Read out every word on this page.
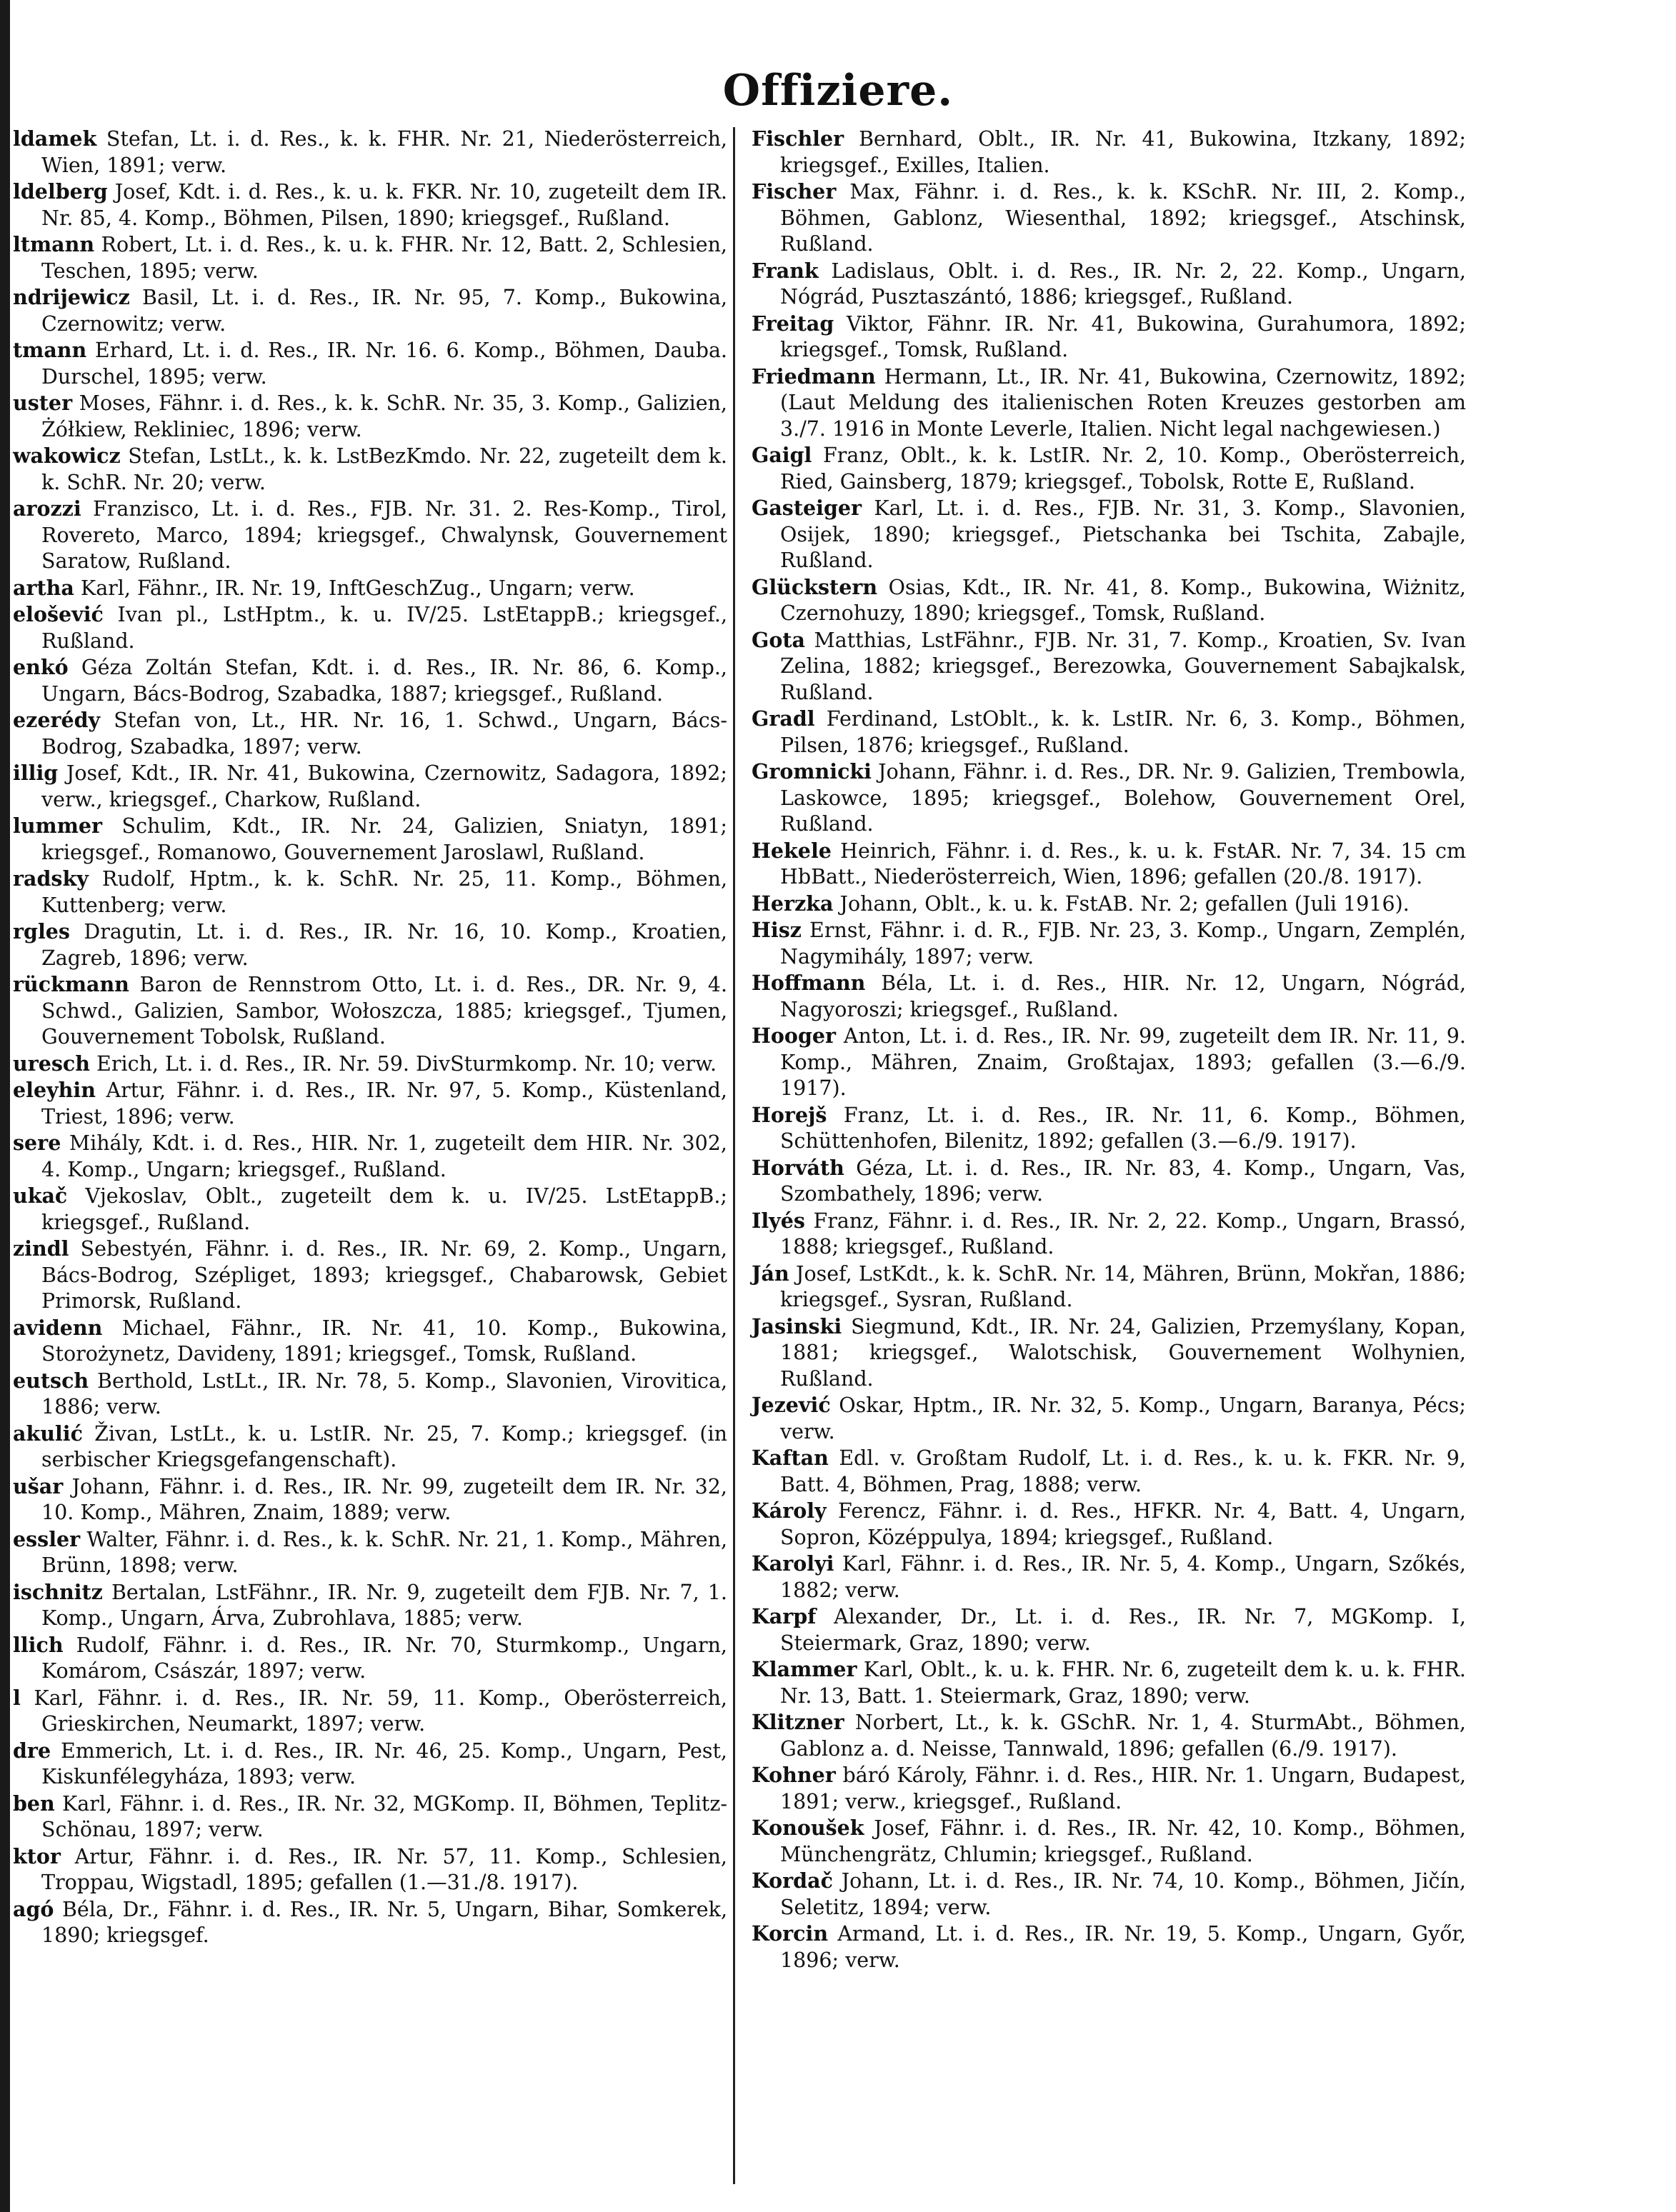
Offiziere.

ldamek Stefan, Lt. i. d. Res., k. k. FHR. Nr. 21, Niederösterreich, Wien, 1891; verw.

ldelberg Josef, Kdt. i. d. Res., k. u. k. FKR. Nr. 10, zugeteilt dem IR. Nr. 85, 4. Komp., Böhmen, Pilsen, 1890; kriegsgef., Rußland.

ltmann Robert, Lt. i. d. Res., k. u. k. FHR. Nr. 12, Batt. 2, Schlesien, Teschen, 1895; verw.

ndrijewicz Basil, Lt. i. d. Res., IR. Nr. 95, 7. Komp., Bukowina, Czernowitz; verw.

tmann Erhard, Lt. i. d. Res., IR. Nr. 16. 6. Komp., Böhmen, Dauba. Durschel, 1895; verw.

uster Moses, Fähnr. i. d. Res., k. k. SchR. Nr. 35, 3. Komp., Galizien, Żółkiew, Rekliniec, 1896; verw.

wakowicz Stefan, LstLt., k. k. LstBezKmdo. Nr. 22, zugeteilt dem k. k. SchR. Nr. 20; verw.

arozzi Franzisco, Lt. i. d. Res., FJB. Nr. 31. 2. Res-Komp., Tirol, Rovereto, Marco, 1894; kriegsgef., Chwalynsk, Gouvernement Saratow, Rußland.

artha Karl, Fähnr., IR. Nr. 19, InftGeschZug., Ungarn; verw.

elošević Ivan pl., LstHptm., k. u. IV/25. LstEtappB.; kriegsgef., Rußland.

enkó Géza Zoltán Stefan, Kdt. i. d. Res., IR. Nr. 86, 6. Komp., Ungarn, Bács-Bodrog, Szabadka, 1887; kriegsgef., Rußland.

ezerédy Stefan von, Lt., HR. Nr. 16, 1. Schwd., Ungarn, Bács-Bodrog, Szabadka, 1897; verw.

illig Josef, Kdt., IR. Nr. 41, Bukowina, Czernowitz, Sadagora, 1892; verw., kriegsgef., Charkow, Rußland.

lummer Schulim, Kdt., IR. Nr. 24, Galizien, Sniatyn, 1891; kriegsgef., Romanowo, Gouvernement Jaroslawl, Rußland.

radsky Rudolf, Hptm., k. k. SchR. Nr. 25, 11. Komp., Böhmen, Kuttenberg; verw.

rgles Dragutin, Lt. i. d. Res., IR. Nr. 16, 10. Komp., Kroatien, Zagreb, 1896; verw.

rückmann Baron de Rennstrom Otto, Lt. i. d. Res., DR. Nr. 9, 4. Schwd., Galizien, Sambor, Wołoszcza, 1885; kriegsgef., Tjumen, Gouvernement Tobolsk, Rußland.

uresch Erich, Lt. i. d. Res., IR. Nr. 59. DivSturmkomp. Nr. 10; verw.

eleyhin Artur, Fähnr. i. d. Res., IR. Nr. 97, 5. Komp., Küstenland, Triest, 1896; verw.

sere Mihály, Kdt. i. d. Res., HIR. Nr. 1, zugeteilt dem HIR. Nr. 302, 4. Komp., Ungarn; kriegsgef., Rußland.

ukač Vjekoslav, Oblt., zugeteilt dem k. u. IV/25. LstEtappB.; kriegsgef., Rußland.

zindl Sebestyén, Fähnr. i. d. Res., IR. Nr. 69, 2. Komp., Ungarn, Bács-Bodrog, Szépliget, 1893; kriegsgef., Chabarowsk, Gebiet Primorsk, Rußland.

avidenn Michael, Fähnr., IR. Nr. 41, 10. Komp., Bukowina, Storożynetz, Davideny, 1891; kriegsgef., Tomsk, Rußland.

eutsch Berthold, LstLt., IR. Nr. 78, 5. Komp., Slavonien, Virovitica, 1886; verw.

akulić Živan, LstLt., k. u. LstIR. Nr. 25, 7. Komp.; kriegsgef. (in serbischer Kriegsgefangenschaft).

ušar Johann, Fähnr. i. d. Res., IR. Nr. 99, zugeteilt dem IR. Nr. 32, 10. Komp., Mähren, Znaim, 1889; verw.

essler Walter, Fähnr. i. d. Res., k. k. SchR. Nr. 21, 1. Komp., Mähren, Brünn, 1898; verw.

ischnitz Bertalan, LstFähnr., IR. Nr. 9, zugeteilt dem FJB. Nr. 7, 1. Komp., Ungarn, Árva, Zubrohlava, 1885; verw.

llich Rudolf, Fähnr. i. d. Res., IR. Nr. 70, Sturmkomp., Ungarn, Komárom, Császár, 1897; verw.

l Karl, Fähnr. i. d. Res., IR. Nr. 59, 11. Komp., Oberösterreich, Grieskirchen, Neumarkt, 1897; verw.

dre Emmerich, Lt. i. d. Res., IR. Nr. 46, 25. Komp., Ungarn, Pest, Kiskunfélegyháza, 1893; verw.

ben Karl, Fähnr. i. d. Res., IR. Nr. 32, MGKomp. II, Böhmen, Teplitz-Schönau, 1897; verw.

ktor Artur, Fähnr. i. d. Res., IR. Nr. 57, 11. Komp., Schlesien, Troppau, Wigstadl, 1895; gefallen (1.—31./8. 1917).

agó Béla, Dr., Fähnr. i. d. Res., IR. Nr. 5, Ungarn, Bihar, Somkerek, 1890; kriegsgef.

Fischler Bernhard, Oblt., IR. Nr. 41, Bukowina, Itzkany, 1892; kriegsgef., Exilles, Italien.

Fischer Max, Fähnr. i. d. Res., k. k. KSchR. Nr. III, 2. Komp., Böhmen, Gablonz, Wiesenthal, 1892; kriegsgef., Atschinsk, Rußland.

Frank Ladislaus, Oblt. i. d. Res., IR. Nr. 2, 22. Komp., Ungarn, Nógrád, Pusztaszántó, 1886; kriegsgef., Rußland.

Freitag Viktor, Fähnr. IR. Nr. 41, Bukowina, Gurahumora, 1892; kriegsgef., Tomsk, Rußland.

Friedmann Hermann, Lt., IR. Nr. 41, Bukowina, Czernowitz, 1892; (Laut Meldung des italienischen Roten Kreuzes gestorben am 3./7. 1916 in Monte Leverle, Italien. Nicht legal nachgewiesen.)

Gaigl Franz, Oblt., k. k. LstIR. Nr. 2, 10. Komp., Oberösterreich, Ried, Gainsberg, 1879; kriegsgef., Tobolsk, Rotte E, Rußland.

Gasteiger Karl, Lt. i. d. Res., FJB. Nr. 31, 3. Komp., Slavonien, Osijek, 1890; kriegsgef., Pietschanka bei Tschita, Zabajle, Rußland.

Glückstern Osias, Kdt., IR. Nr. 41, 8. Komp., Bukowina, Wiżnitz, Czernohuzy, 1890; kriegsgef., Tomsk, Rußland.

Gota Matthias, LstFähnr., FJB. Nr. 31, 7. Komp., Kroatien, Sv. Ivan Zelina, 1882; kriegsgef., Berezowka, Gouvernement Sabajkalsk, Rußland.

Gradl Ferdinand, LstOblt., k. k. LstIR. Nr. 6, 3. Komp., Böhmen, Pilsen, 1876; kriegsgef., Rußland.

Gromnicki Johann, Fähnr. i. d. Res., DR. Nr. 9. Galizien, Trembowla, Laskowce, 1895; kriegsgef., Bolehow, Gouvernement Orel, Rußland.

Hekele Heinrich, Fähnr. i. d. Res., k. u. k. FstAR. Nr. 7, 34. 15 cm HbBatt., Niederösterreich, Wien, 1896; gefallen (20./8. 1917).

Herzka Johann, Oblt., k. u. k. FstAB. Nr. 2; gefallen (Juli 1916).

Hisz Ernst, Fähnr. i. d. R., FJB. Nr. 23, 3. Komp., Ungarn, Zemplén, Nagymihály, 1897; verw.

Hoffmann Béla, Lt. i. d. Res., HIR. Nr. 12, Ungarn, Nógrád, Nagyoroszi; kriegsgef., Rußland.

Hooger Anton, Lt. i. d. Res., IR. Nr. 99, zugeteilt dem IR. Nr. 11, 9. Komp., Mähren, Znaim, Großtajax, 1893; gefallen (3.—6./9. 1917).

Horejš Franz, Lt. i. d. Res., IR. Nr. 11, 6. Komp., Böhmen, Schüttenhofen, Bilenitz, 1892; gefallen (3.—6./9. 1917).

Horváth Géza, Lt. i. d. Res., IR. Nr. 83, 4. Komp., Ungarn, Vas, Szombathely, 1896; verw.

Ilyés Franz, Fähnr. i. d. Res., IR. Nr. 2, 22. Komp., Ungarn, Brassó, 1888; kriegsgef., Rußland.

Ján Josef, LstKdt., k. k. SchR. Nr. 14, Mähren, Brünn, Mokřan, 1886; kriegsgef., Sysran, Rußland.

Jasinski Siegmund, Kdt., IR. Nr. 24, Galizien, Przemyślany, Kopan, 1881; kriegsgef., Walotschisk, Gouvernement Wolhynien, Rußland.

Jezević Oskar, Hptm., IR. Nr. 32, 5. Komp., Ungarn, Baranya, Pécs; verw.

Kaftan Edl. v. Großtam Rudolf, Lt. i. d. Res., k. u. k. FKR. Nr. 9, Batt. 4, Böhmen, Prag, 1888; verw.

Károly Ferencz, Fähnr. i. d. Res., HFKR. Nr. 4, Batt. 4, Ungarn, Sopron, Középpulya, 1894; kriegsgef., Rußland.

Karolyi Karl, Fähnr. i. d. Res., IR. Nr. 5, 4. Komp., Ungarn, Szőkés, 1882; verw.

Karpf Alexander, Dr., Lt. i. d. Res., IR. Nr. 7, MGKomp. I, Steiermark, Graz, 1890; verw.

Klammer Karl, Oblt., k. u. k. FHR. Nr. 6, zugeteilt dem k. u. k. FHR. Nr. 13, Batt. 1. Steiermark, Graz, 1890; verw.

Klitzner Norbert, Lt., k. k. GSchR. Nr. 1, 4. SturmAbt., Böhmen, Gablonz a. d. Neisse, Tannwald, 1896; gefallen (6./9. 1917).

Kohner báró Károly, Fähnr. i. d. Res., HIR. Nr. 1. Ungarn, Budapest, 1891; verw., kriegsgef., Rußland.

Konoušek Josef, Fähnr. i. d. Res., IR. Nr. 42, 10. Komp., Böhmen, Münchengrätz, Chlumin; kriegsgef., Rußland.

Kordač Johann, Lt. i. d. Res., IR. Nr. 74, 10. Komp., Böhmen, Jičín, Seletitz, 1894; verw.

Korcin Armand, Lt. i. d. Res., IR. Nr. 19, 5. Komp., Ungarn, Győr, 1896; verw.
